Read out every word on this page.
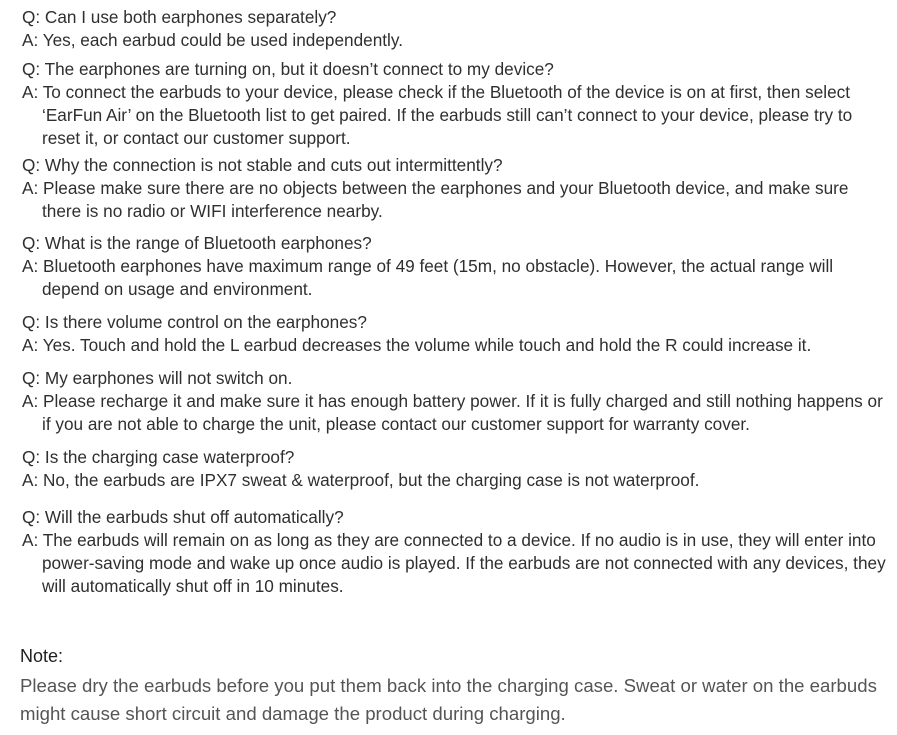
Q: Can I use both earphones separately?
A: Yes, each earbud could be used independently.
Q: The earphones are turning on, but it doesn’t connect to my device?
A: To connect the earbuds to your device, please check if the Bluetooth of the device is on at first, then select ‘EarFun Air’ on the Bluetooth list to get paired. If the earbuds still can’t connect to your device, please try to reset it, or contact our customer support.
Q: Why the connection is not stable and cuts out intermittently?
A: Please make sure there are no objects between the earphones and your Bluetooth device, and make sure there is no radio or WIFI interference nearby.
Q: What is the range of Bluetooth earphones?
A: Bluetooth earphones have maximum range of 49 feet (15m, no obstacle). However, the actual range will depend on usage and environment.
Q: Is there volume control on the earphones?
A: Yes. Touch and hold the L earbud decreases the volume while touch and hold the R could increase it.
Q: My earphones will not switch on.
A: Please recharge it and make sure it has enough battery power. If it is fully charged and still nothing happens or if you are not able to charge the unit, please contact our customer support for warranty cover.
Q: Is the charging case waterproof?
A: No, the earbuds are IPX7 sweat & waterproof, but the charging case is not waterproof.
Q: Will the earbuds shut off automatically?
A: The earbuds will remain on as long as they are connected to a device. If no audio is in use, they will enter into power-saving mode and wake up once audio is played. If the earbuds are not connected with any devices, they will automatically shut off in 10 minutes.
Note:
Please dry the earbuds before you put them back into the charging case. Sweat or water on the earbuds might cause short circuit and damage the product during charging.
